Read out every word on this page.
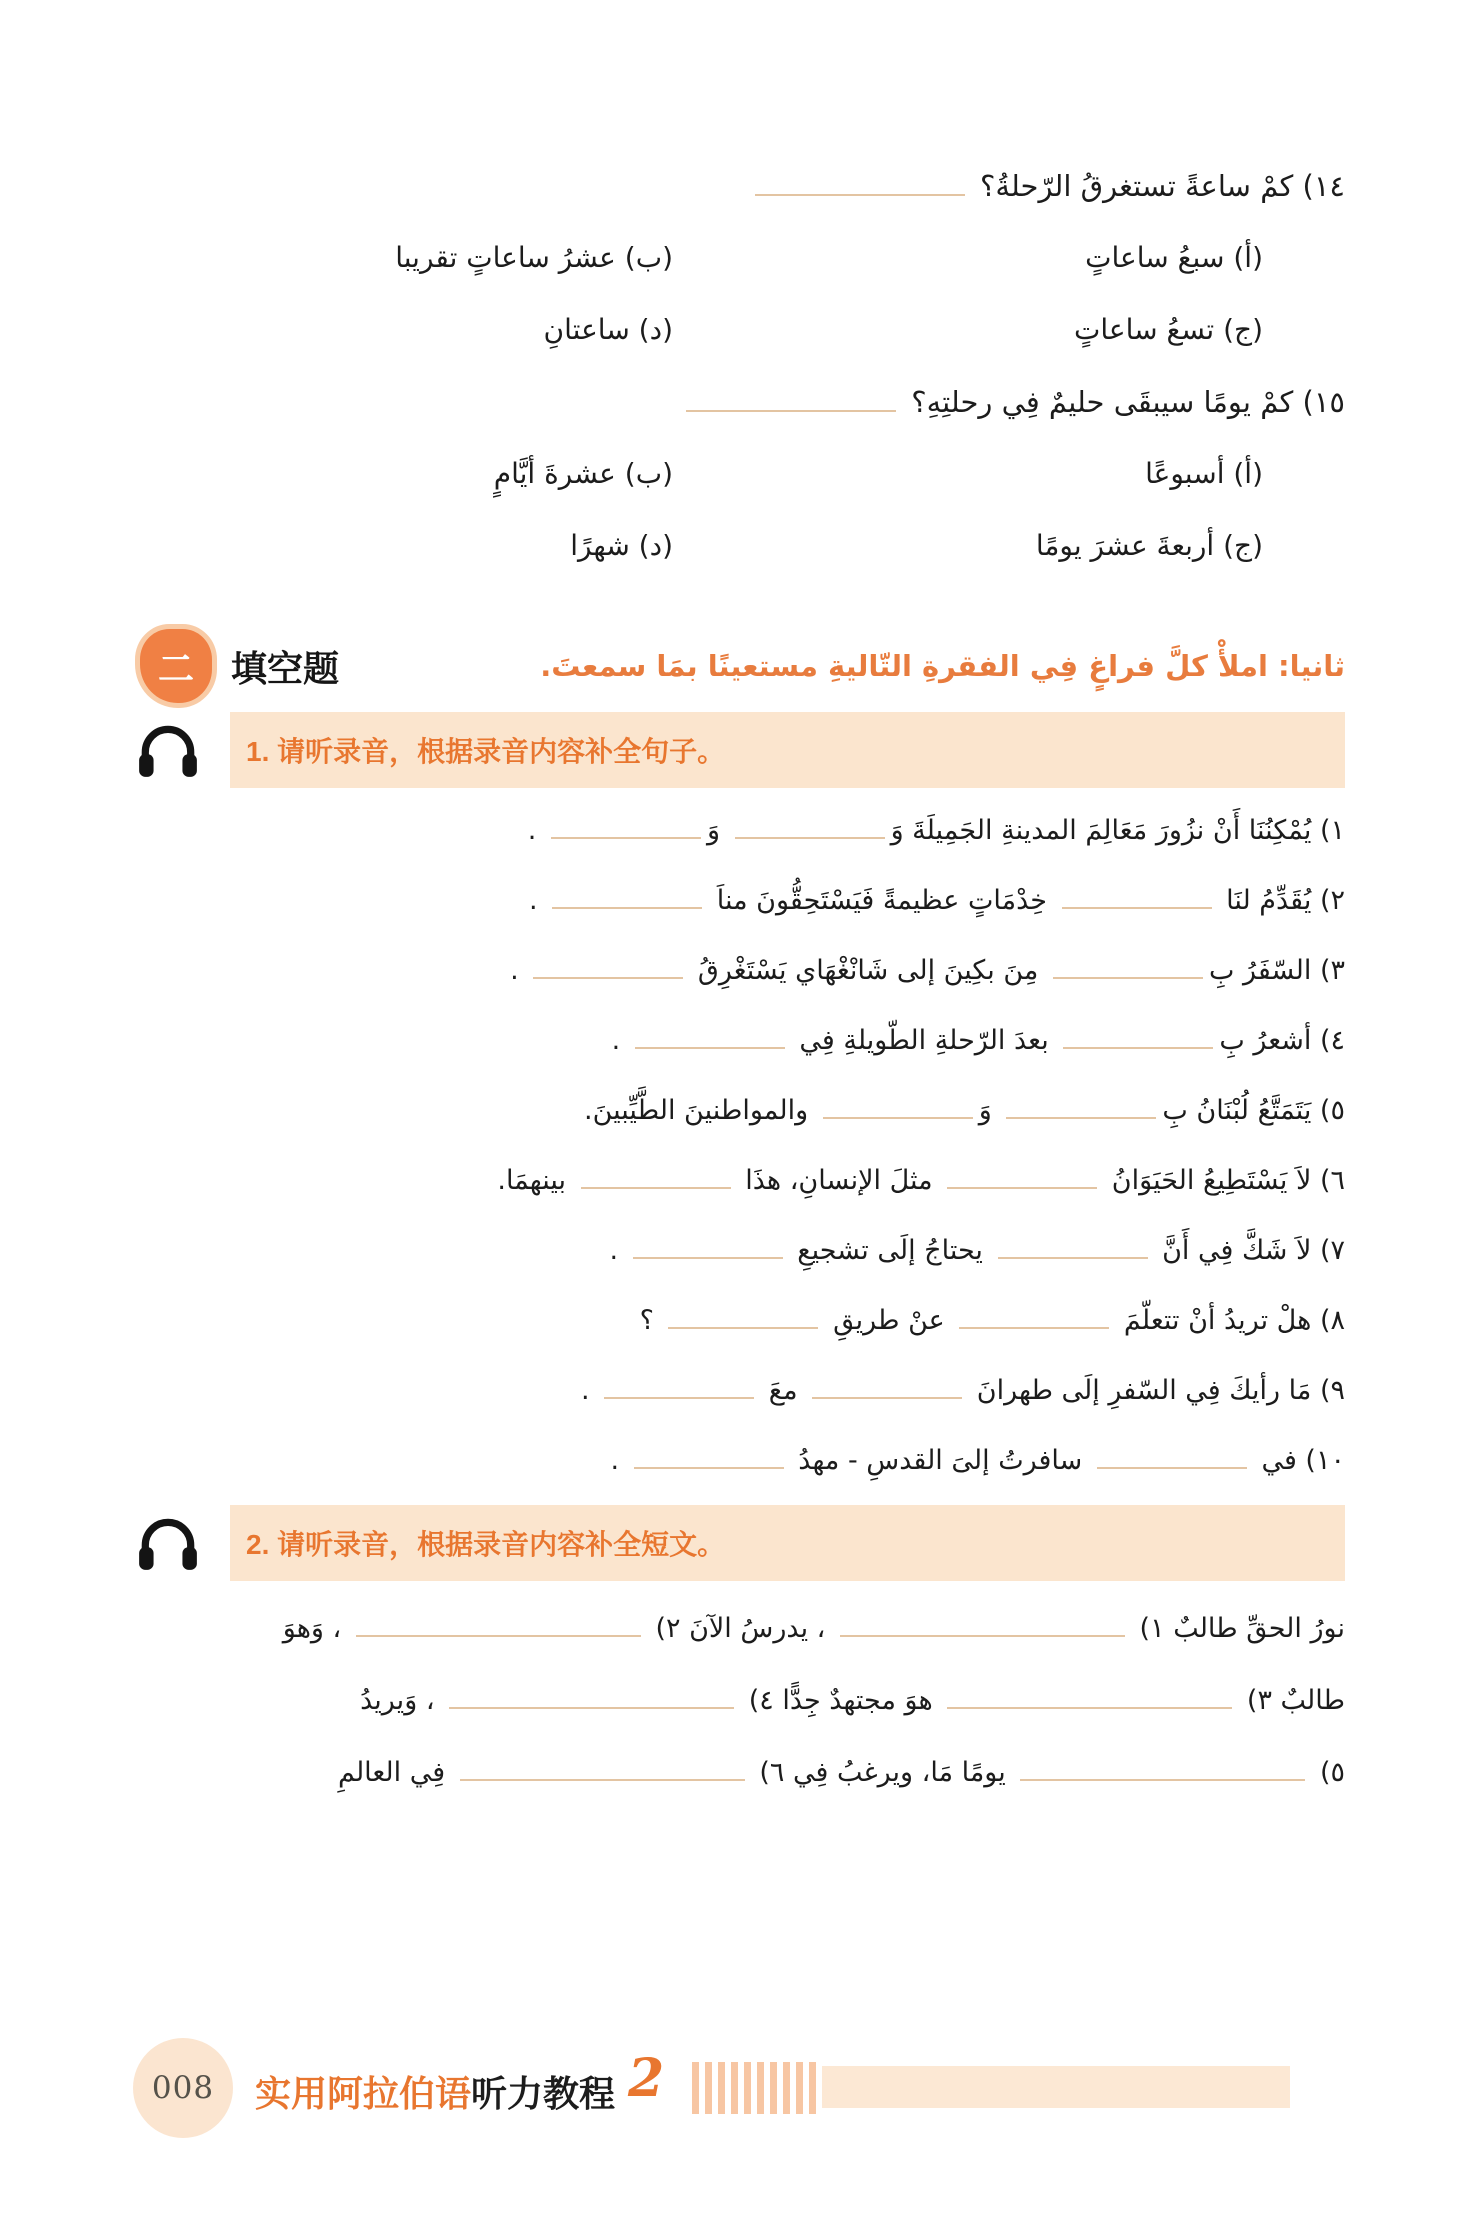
١٤) كمْ ساعةً تستغرقُ الرّحلةُ؟
(أ) سبعُ ساعاتٍ
(ب) عشرُ ساعاتٍ تقريبا
(ج) تسعُ ساعاتٍ
(د) ساعتانِ
١٥) كمْ يومًا سيبقَى حليمٌ فِي رحلتِهِ؟
(أ) أسبوعًا
(ب) عشرةَ أيَّامٍ
(ج) أربعةَ عشرَ يومًا
(د) شهرًا
二	填空题	ثانيا: املأْ كلَّ فراغٍ فِي الفقرةِ التّاليةِ مستعينًا بمَا سمعتَ.
1. 请听录音，根据录音内容补全句子。
١) يُمْكِنُنَا أَنْ نزُورَ مَعَالِمَ المدينةِ الجَمِيلَةَ وَ وَ .
٢) يُقَدِّمُ لنَا  خِدْمَاتٍ عظيمةً فَيَسْتَحِقُّونَ مناَ  .
٣) السّفَرُ بِ مِنَ بكِينَ إلى شَانْغْهَاي يَسْتَغْرِقُ  .
٤) أشعرُ بِ بعدَ الرّحلةِ الطّويلةِ فِي  .
٥) يَتَمَتَّعُ لُبْنَانُ بِ وَ والمواطنينَ الطَّيِّبينَ.
٦) لاَ يَسْتَطِيعُ الحَيَوَانُ  مثلَ الإنسانِ، هذَا  بينهمَا.
٧) لاَ شَكَّ فِي أَنَّ  يحتاجُ إلَى تشجيعِ  .
٨) هلْ تريدُ أنْ تتعلّمَ  عنْ طريقِ  ؟
٩) مَا رأيكَ فِي السّفرِ إلَى طهرانَ  معَ  .
١٠) في  سافرتُ إلىَ القدسِ - مهدُ  .
2. 请听录音，根据录音内容补全短文。
نورُ الحقِّ طالبٌ ١)  ، يدرسُ الآنَ ٢)  ، وَهوَ
طالبٌ ٣)  هوَ مجتهدٌ جِدًّا ٤)  ، وَيريدُ
٥)  يومًا مَا، ويرغبُ فِي ٦)  فِي العالمِ
008	实用阿拉伯语听力教程 2
